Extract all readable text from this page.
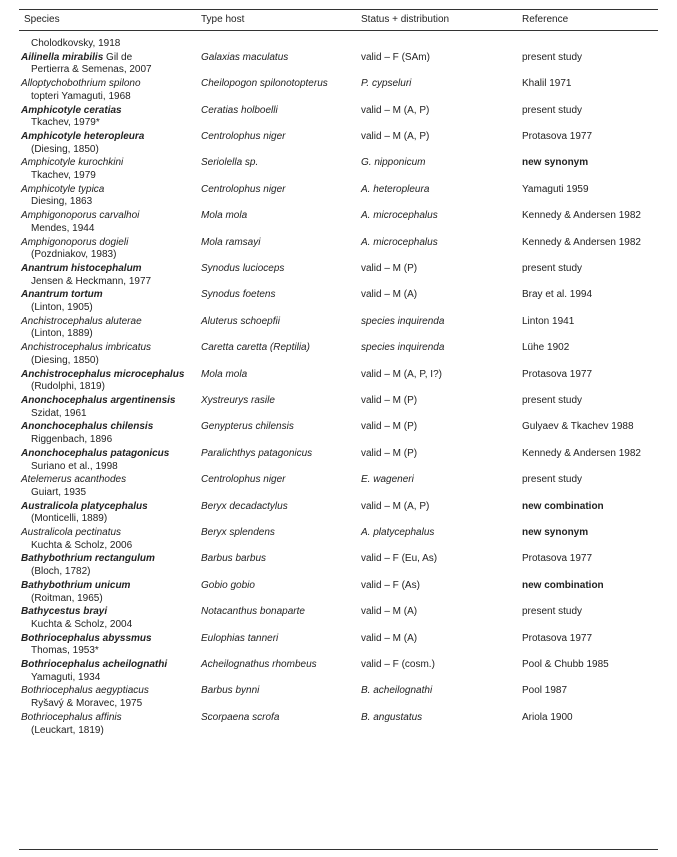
Species	Type host	Status + distribution	Reference
Cholodkovsky, 1918			

Ailinella mirabilis Gil de
Pertierra & Semenas, 2007	Galaxias maculatus	valid – F (SAm)	present study
Alloptychobothrium spilono
topteri Yamaguti, 1968	Cheilopogon spilonotopterus	P. cypseluri	Khalil 1971
Amphicotyle ceratias
Tkachev, 1979*	Ceratias holboelli	valid – M (A, P)	present study
Amphicotyle heteropleura
(Diesing, 1850)	Centrolophus niger	valid – M (A, P)	Protasova 1977
Amphicotyle kurochkini
Tkachev, 1979	Seriolella sp.	G. nipponicum	new synonym
Amphicotyle typica
Diesing, 1863	Centrolophus niger	A. heteropleura	Yamaguti 1959
Amphigonoporus carvalhoi
Mendes, 1944	Mola mola	A. microcephalus	Kennedy & Andersen 1982
Amphigonoporus dogieli
(Pozdniakov, 1983)	Mola ramsayi	A. microcephalus	Kennedy & Andersen 1982
Anantrum histocephalum
Jensen & Heckmann, 1977	Synodus lucioceps	valid – M (P)	present study
Anantrum tortum
(Linton, 1905)	Synodus foetens	valid – M (A)	Bray et al. 1994
Anchistrocephalus aluterae
(Linton, 1889)	Aluterus schoepfii	species inquirenda	Linton 1941
Anchistrocephalus imbricatus
(Diesing, 1850)	Caretta caretta (Reptilia)	species inquirenda	Lühe 1902
Anchistrocephalus microcephalus
(Rudolphi, 1819)	Mola mola	valid – M (A, P, I?)	Protasova 1977
Anonchocephalus argentinensis
Szidat, 1961	Xystreurys rasile	valid – M (P)	present study
Anonchocephalus chilensis
Riggenbach, 1896	Genypterus chilensis	valid – M (P)	Gulyaev & Tkachev 1988
Anonchocephalus patagonicus
Suriano et al., 1998	Paralichthys patagonicus	valid – M (P)	Kennedy & Andersen 1982
Atelemerus acanthodes
Guiart, 1935	Centrolophus niger	E. wageneri	present study
Australicola platycephalus
(Monticelli, 1889)	Beryx decadactylus	valid – M (A, P)	new combination
Australicola pectinatus
Kuchta & Scholz, 2006	Beryx splendens	A. platycephalus	new synonym
Bathybothrium rectangulum
(Bloch, 1782)	Barbus barbus	valid – F (Eu, As)	Protasova 1977
Bathybothrium unicum
(Roitman, 1965)	Gobio gobio	valid – F (As)	new combination
Bathycestus brayi
Kuchta & Scholz, 2004	Notacanthus bonaparte	valid – M (A)	present study
Bothriocephalus abyssmus
Thomas, 1953*	Eulophias tanneri	valid – M (A)	Protasova 1977
Bothriocephalus acheilognathi
Yamaguti, 1934	Acheilognathus rhombeus	valid – F (cosm.)	Pool & Chubb 1985
Bothriocephalus aegyptiacus
Ryšavý & Moravec, 1975	Barbus bynni	B. acheilognathi	Pool 1987
Bothriocephalus affinis
(Leuckart, 1819)	Scorpaena scrofa	B. angustatus	Ariola 1900
